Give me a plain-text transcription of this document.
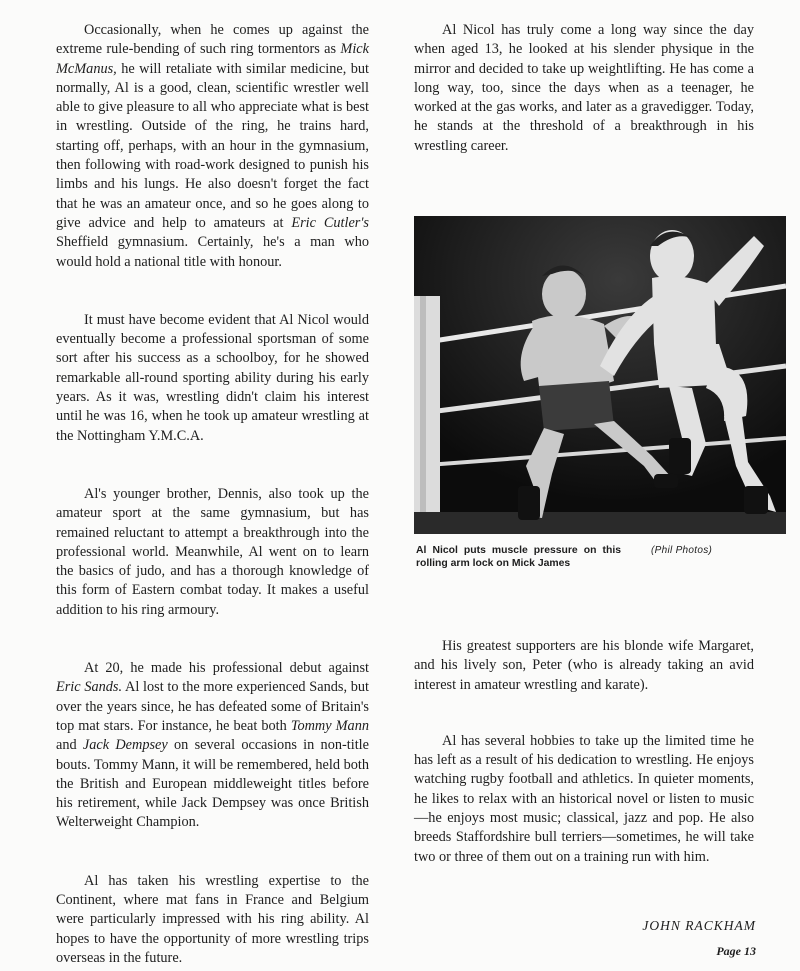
Occasionally, when he comes up against the extreme rule-bending of such ring tormentors as Mick McManus, he will retaliate with similar medicine, but normally, Al is a good, clean, scientific wrestler well able to give pleasure to all who appreciate what is best in wrestling. Outside of the ring, he trains hard, starting off, perhaps, with an hour in the gymnasium, then following with road-work designed to punish his limbs and his lungs. He also doesn't forget the fact that he was an amateur once, and so he goes along to give advice and help to amateurs at Eric Cutler's Sheffield gymnasium. Certainly, he's a man who would hold a national title with honour.

It must have become evident that Al Nicol would eventually become a professional sportsman of some sort after his success as a schoolboy, for he showed remarkable all-round sporting ability during his early years. As it was, wrestling didn't claim his interest until he was 16, when he took up amateur wrestling at the Nottingham Y.M.C.A.

Al's younger brother, Dennis, also took up the amateur sport at the same gymnasium, but has remained reluctant to attempt a breakthrough into the professional world. Meanwhile, Al went on to learn the basics of judo, and has a thorough knowledge of this form of Eastern combat today. It makes a useful addition to his ring armoury.

At 20, he made his professional debut against Eric Sands. Al lost to the more experienced Sands, but over the years since, he has defeated some of Britain's top mat stars. For instance, he beat both Tommy Mann and Jack Dempsey on several occasions in non-title bouts. Tommy Mann, it will be remembered, held both the British and European middleweight titles before his retirement, while Jack Dempsey was once British Welterweight Champion.

Al has taken his wrestling expertise to the Continent, where mat fans in France and Belgium were particularly impressed with his ring ability. Al hopes to have the opportunity of more wrestling trips overseas in the future.

Al Nicol has truly come a long way since the day when aged 13, he looked at his slender physique in the mirror and decided to take up weightlifting. He has come a long way, too, since the days when as a teenager, he worked at the gas works, and later as a gravedigger. Today, he stands at the threshold of a breakthrough in his wrestling career.

Al Nicol puts muscle pressure on this rolling arm lock on Mick James
(Phil Photos)

His greatest supporters are his blonde wife Margaret, and his lively son, Peter (who is already taking an avid interest in amateur wrestling and karate).

Al has several hobbies to take up the limited time he has left as a result of his dedication to wrestling. He enjoys watching rugby football and athletics. In quieter moments, he likes to relax with an historical novel or listen to music—he enjoys most music; classical, jazz and pop. He also breeds Staffordshire bull terriers—sometimes, he will take two or three of them out on a training run with him.

JOHN RACKHAM
Page 13
